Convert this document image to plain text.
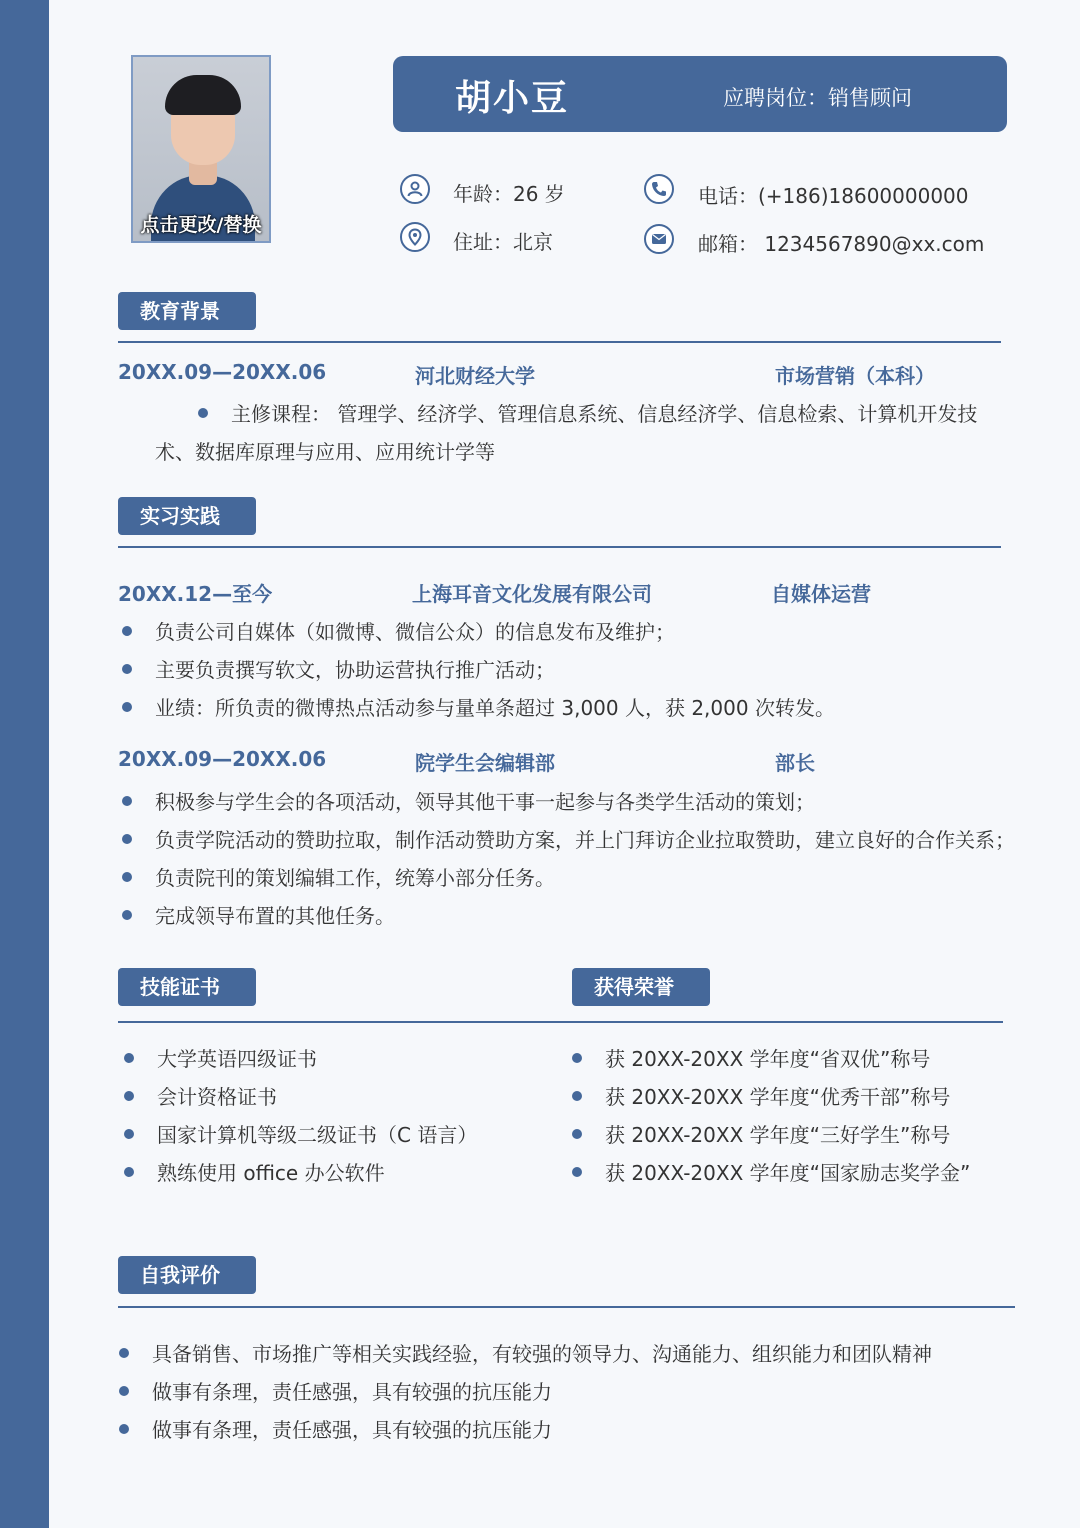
点击更改/替换
胡小豆	应聘岗位：销售顾问
年龄：26 岁
住址：北京
电话：(+186)18600000000
邮箱： 1234567890@xx.com
教育背景
20XX.09—20XX.06	河北财经大学	市场营销（本科）
主修课程： 管理学、经济学、管理信息系统、信息经济学、信息检索、计算机开发技
术、数据库原理与应用、应用统计学等
实习实践
20XX.12—至今	上海耳音文化发展有限公司	自媒体运营
负责公司自媒体（如微博、微信公众）的信息发布及维护；
主要负责撰写软文，协助运营执行推广活动；
业绩：所负责的微博热点活动参与量单条超过 3,000 人，获 2,000 次转发。
20XX.09—20XX.06	院学生会编辑部	部长
积极参与学生会的各项活动，领导其他干事一起参与各类学生活动的策划；
负责学院活动的赞助拉取，制作活动赞助方案，并上门拜访企业拉取赞助，建立良好的合作关系；
负责院刊的策划编辑工作，统筹小部分任务。
完成领导布置的其他任务。
技能证书	获得荣誉
大学英语四级证书
会计资格证书
国家计算机等级二级证书（C 语言）
熟练使用 office 办公软件
获 20XX-20XX 学年度“省双优”称号
获 20XX-20XX 学年度“优秀干部”称号
获 20XX-20XX 学年度“三好学生”称号
获 20XX-20XX 学年度“国家励志奖学金”
自我评价
具备销售、市场推广等相关实践经验，有较强的领导力、沟通能力、组织能力和团队精神
做事有条理，责任感强，具有较强的抗压能力
做事有条理，责任感强，具有较强的抗压能力
